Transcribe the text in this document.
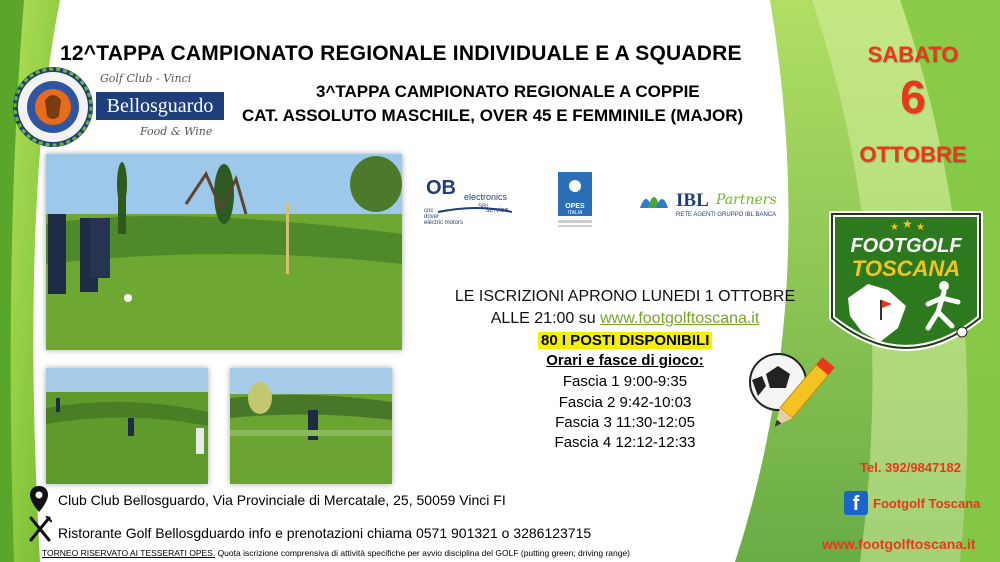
12^TAPPA CAMPIONATO REGIONALE INDIVIDUALE E A SQUADRE
3^TAPPA CAMPIONATO REGIONALE A COPPIE
CAT. ASSOLUTO MASCHILE, OVER 45 E FEMMINILE (MAJOR)
SABATO
6
OTTOBRE
Golf Club - Vinci
Bellosguardo
Food & Wine
OB electronics
SRL
service
cnc
driver
electric motors
OPES
ITALIA
IBL Partners
RETE AGENTI GRUPPO IBL BANCA
LE ISCRIZIONI APRONO LUNEDI 1 OTTOBRE
ALLE 21:00 su www.footgolftoscana.it
80 I POSTI DISPONIBILI
Orari e fasce di gioco:
Fascia 1 9:00-9:35
Fascia 2 9:42-10:03
Fascia 3 11:30-12:05
Fascia 4 12:12-12:33
★ ★ ★
FOOTGOLF
TOSCANA
Tel. 392/9847182
f	Footgolf Toscana
www.footgolftoscana.it
Club Club Bellosguardo, Via Provinciale di Mercatale, 25, 50059 Vinci FI
Ristorante Golf Bellosgduardo info e prenotazioni chiama 0571 901321 o 3286123715
TORNEO RISERVATO AI TESSERATI OPES. Quota iscrizione comprensiva di attività specifiche per avvio disciplina del GOLF (putting green; driving range)
